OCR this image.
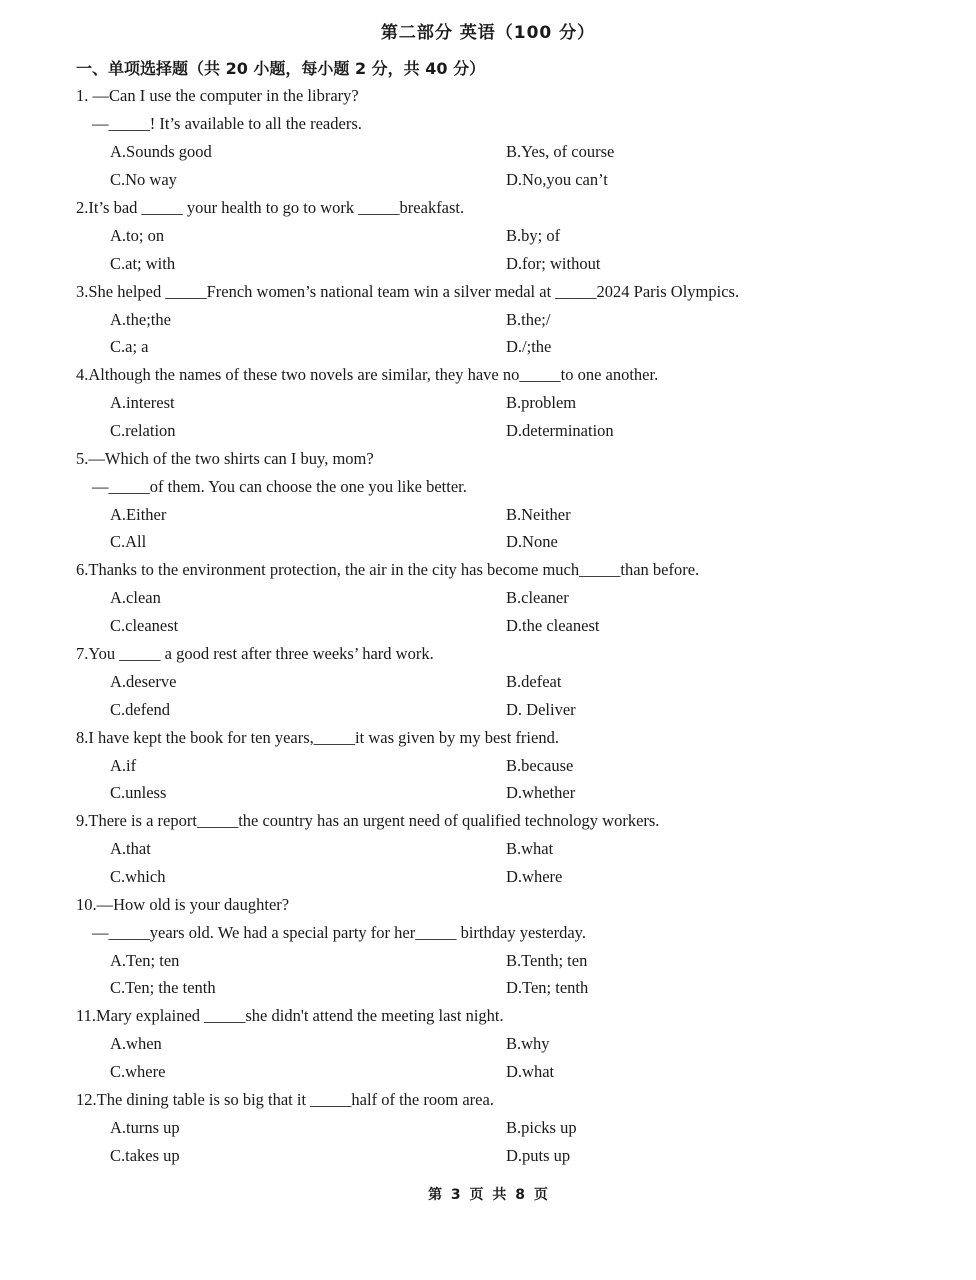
第二部分 英语（100 分）
一、单项选择题（共 20 小题，每小题 2 分，共 40 分）
1. —Can I use the computer in the library?
—_____! It’s available to all the readers.
A.Sounds good	B.Yes, of course
C.No way	D.No,you can’t
2.It’s bad _____ your health to go to work _____breakfast.
A.to; on	B.by; of
C.at; with	D.for; without
3.She helped _____French women’s national team win a silver medal at _____2024 Paris Olympics.
A.the;the	B.the;/
C.a; a	D./;the
4.Although the names of these two novels are similar, they have no_____to one another.
A.interest	B.problem
C.relation	D.determination
5.—Which of the two shirts can I buy, mom?
—_____of them. You can choose the one you like better.
A.Either	B.Neither
C.All	D.None
6.Thanks to the environment protection, the air in the city has become much_____than before.
A.clean	B.cleaner
C.cleanest	D.the cleanest
7.You _____ a good rest after three weeks’ hard work.
A.deserve	B.defeat
C.defend	D. Deliver
8.I have kept the book for ten years,_____it was given by my best friend.
A.if	B.because
C.unless	D.whether
9.There is a report_____the country has an urgent need of qualified technology workers.
A.that	B.what
C.which	D.where
10.—How old is your daughter?
—_____years old. We had a special party for her_____ birthday yesterday.
A.Ten; ten	B.Tenth; ten
C.Ten; the tenth	D.Ten; tenth
11.Mary explained _____she didn't attend the meeting last night.
A.when	B.why
C.where	D.what
12.The dining table is so big that it _____half of the room area.
A.turns up	B.picks up
C.takes up	D.puts up
第 3 页 共 8 页
